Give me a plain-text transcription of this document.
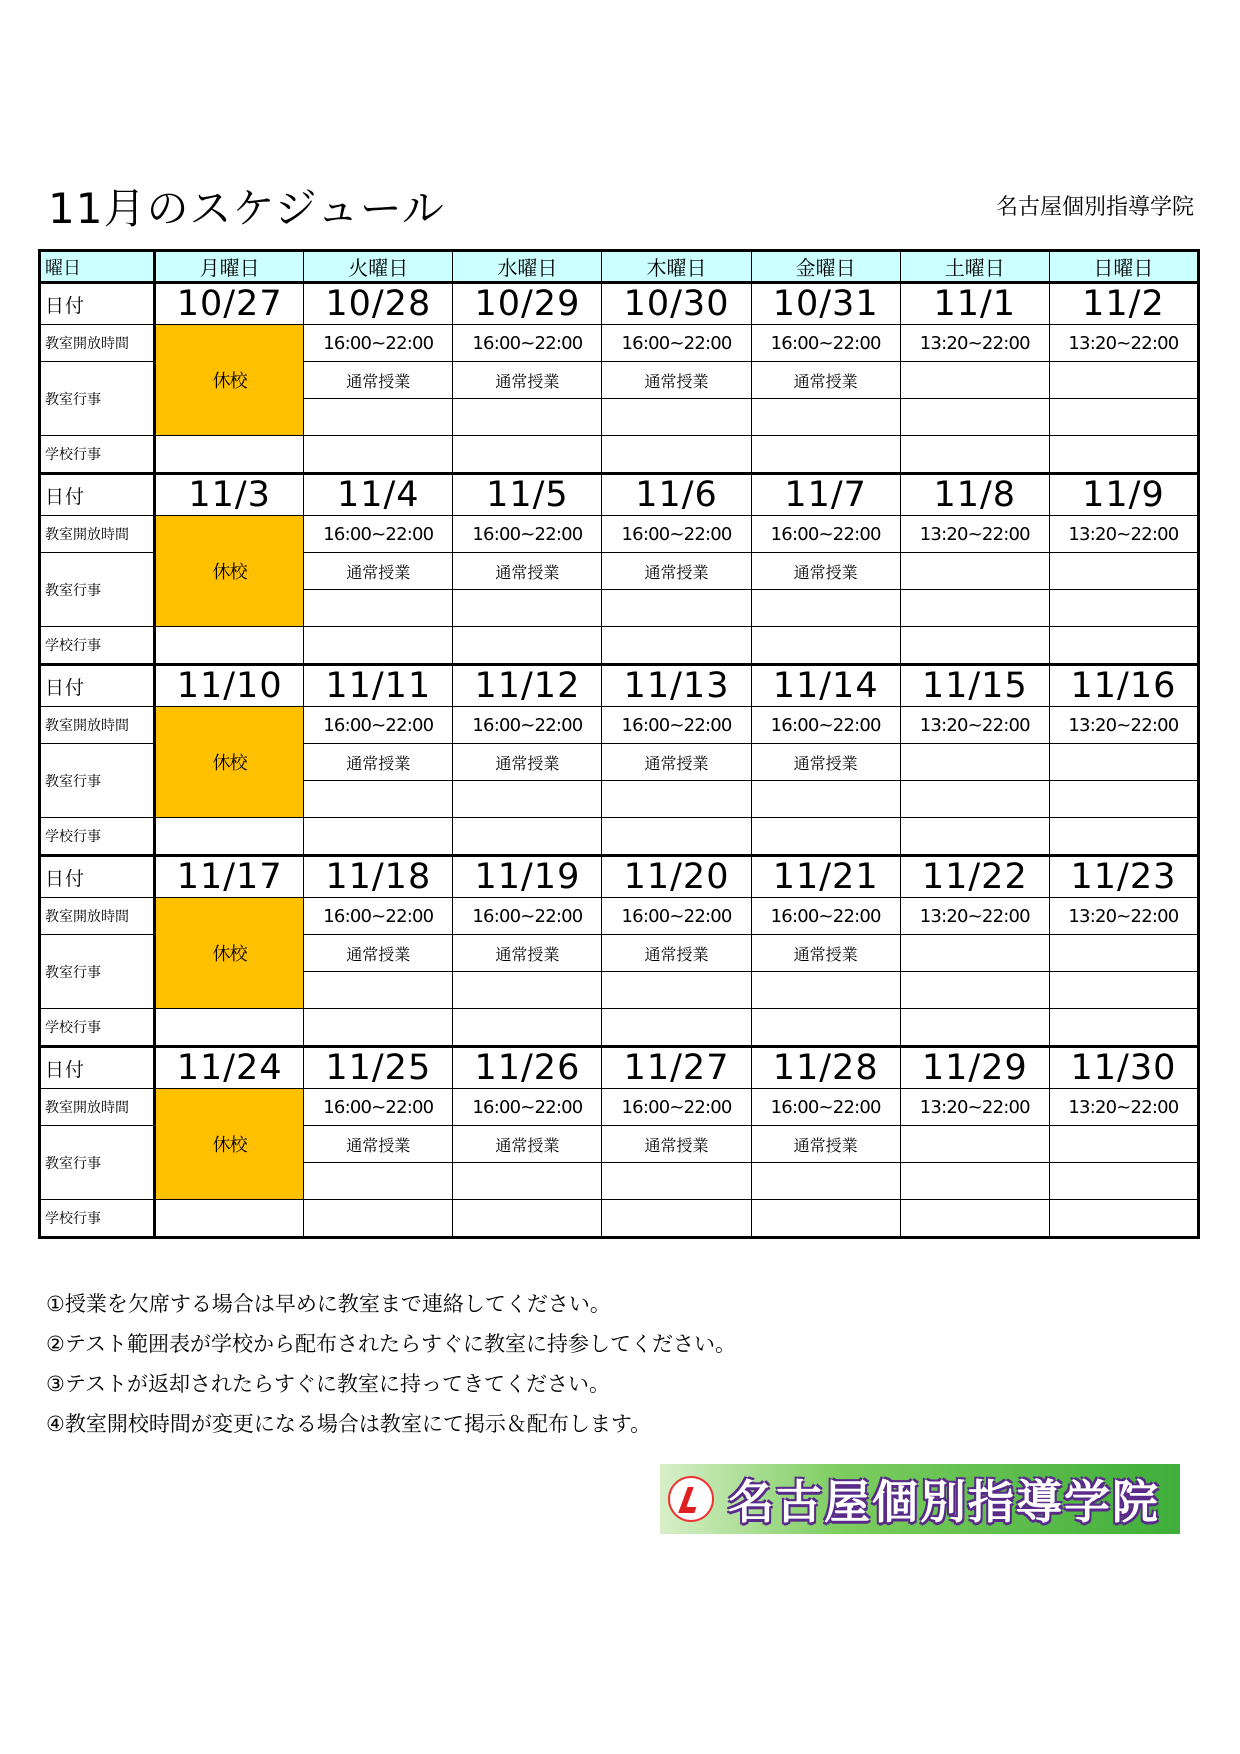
11月のスケジュール	名古屋個別指導学院
曜日	月曜日	火曜日	水曜日	木曜日	金曜日	土曜日	日曜日
日付	10/27	10/28	10/29	10/30	10/31	11/1	11/2
教室開放時間	休校	16:00~22:00	16:00~22:00	16:00~22:00	16:00~22:00	13:20~22:00	13:20~22:00
教室行事		通常授業	通常授業	通常授業	通常授業		

学校行事							
日付	11/3	11/4	11/5	11/6	11/7	11/8	11/9
教室開放時間	休校	16:00~22:00	16:00~22:00	16:00~22:00	16:00~22:00	13:20~22:00	13:20~22:00
教室行事		通常授業	通常授業	通常授業	通常授業		

学校行事							
日付	11/10	11/11	11/12	11/13	11/14	11/15	11/16
教室開放時間	休校	16:00~22:00	16:00~22:00	16:00~22:00	16:00~22:00	13:20~22:00	13:20~22:00
教室行事		通常授業	通常授業	通常授業	通常授業		

学校行事							
日付	11/17	11/18	11/19	11/20	11/21	11/22	11/23
教室開放時間	休校	16:00~22:00	16:00~22:00	16:00~22:00	16:00~22:00	13:20~22:00	13:20~22:00
教室行事		通常授業	通常授業	通常授業	通常授業		

学校行事							
日付	11/24	11/25	11/26	11/27	11/28	11/29	11/30
教室開放時間	休校	16:00~22:00	16:00~22:00	16:00~22:00	16:00~22:00	13:20~22:00	13:20~22:00
教室行事		通常授業	通常授業	通常授業	通常授業		

学校行事							
①授業を欠席する場合は早めに教室まで連絡してください。
②テスト範囲表が学校から配布されたらすぐに教室に持参してください。
③テストが返却されたらすぐに教室に持ってきてください。
④教室開校時間が変更になる場合は教室にて掲示＆配布します。
名古屋個別指導学院
